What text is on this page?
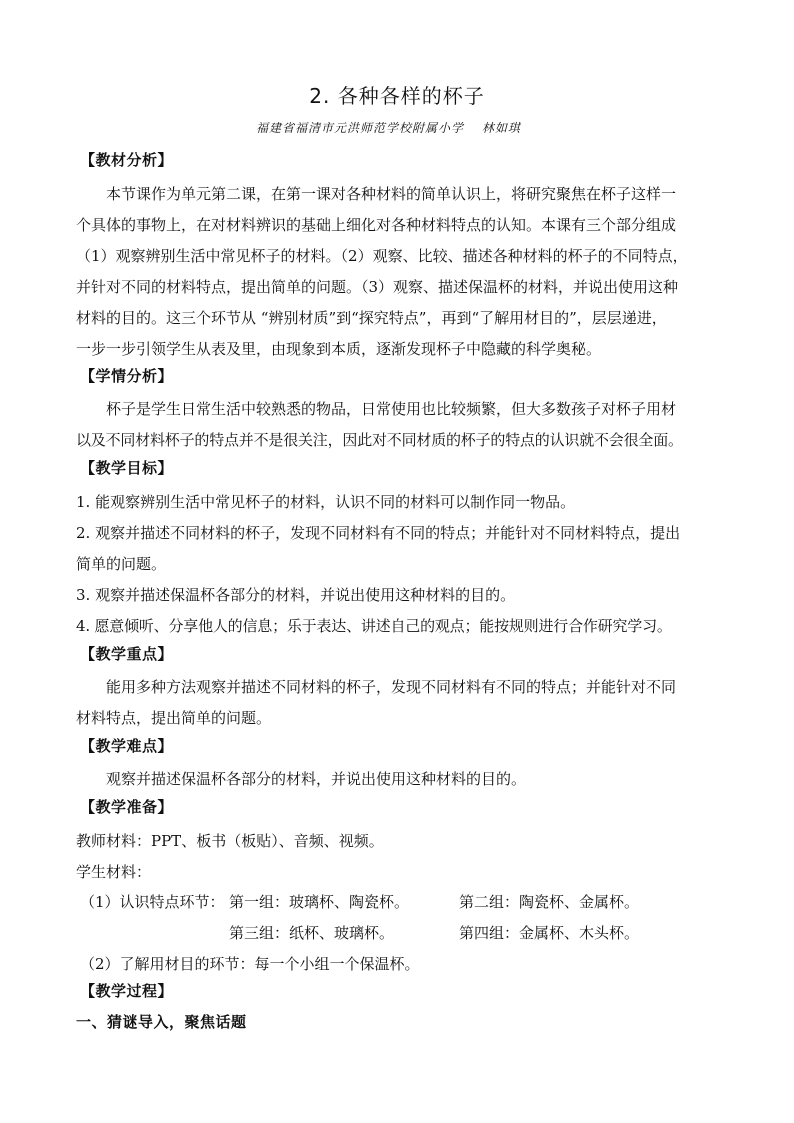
2. 各种各样的杯子
福建省福清市元洪师范学校附属小学　 林如琪
【教材分析】
本节课作为单元第二课，在第一课对各种材料的简单认识上，将研究聚焦在杯子这样一
个具体的事物上，在对材料辨识的基础上细化对各种材料特点的认知。本课有三个部分组成
（1）观察辨别生活中常见杯子的材料。（2）观察、比较、描述各种材料的杯子的不同特点，
并针对不同的材料特点，提出简单的问题。（3）观察、描述保温杯的材料，并说出使用这种
材料的目的。这三个环节从 “辨别材质”到“探究特点”，再到“了解用材目的”，层层递进，
一步一步引领学生从表及里，由现象到本质，逐渐发现杯子中隐藏的科学奥秘。
【学情分析】
杯子是学生日常生活中较熟悉的物品，日常使用也比较频繁，但大多数孩子对杯子用材
以及不同材料杯子的特点并不是很关注，因此对不同材质的杯子的特点的认识就不会很全面。
【教学目标】
1. 能观察辨别生活中常见杯子的材料，认识不同的材料可以制作同一物品。
2. 观察并描述不同材料的杯子，发现不同材料有不同的特点；并能针对不同材料特点，提出
简单的问题。
3. 观察并描述保温杯各部分的材料，并说出使用这种材料的目的。
4. 愿意倾听、分享他人的信息；乐于表达、讲述自己的观点；能按规则进行合作研究学习。
【教学重点】
能用多种方法观察并描述不同材料的杯子，发现不同材料有不同的特点；并能针对不同
材料特点，提出简单的问题。
【教学难点】
观察并描述保温杯各部分的材料，并说出使用这种材料的目的。
【教学准备】
教师材料：PPT、板书（板贴）、音频、视频。
学生材料：
（1）认识特点环节： 第一组：玻璃杯、陶瓷杯。	第二组：陶瓷杯、金属杯。
第三组：纸杯、玻璃杯。	第四组：金属杯、木头杯。
（2）了解用材目的环节：每一个小组一个保温杯。
【教学过程】
一、猜谜导入，聚焦话题
